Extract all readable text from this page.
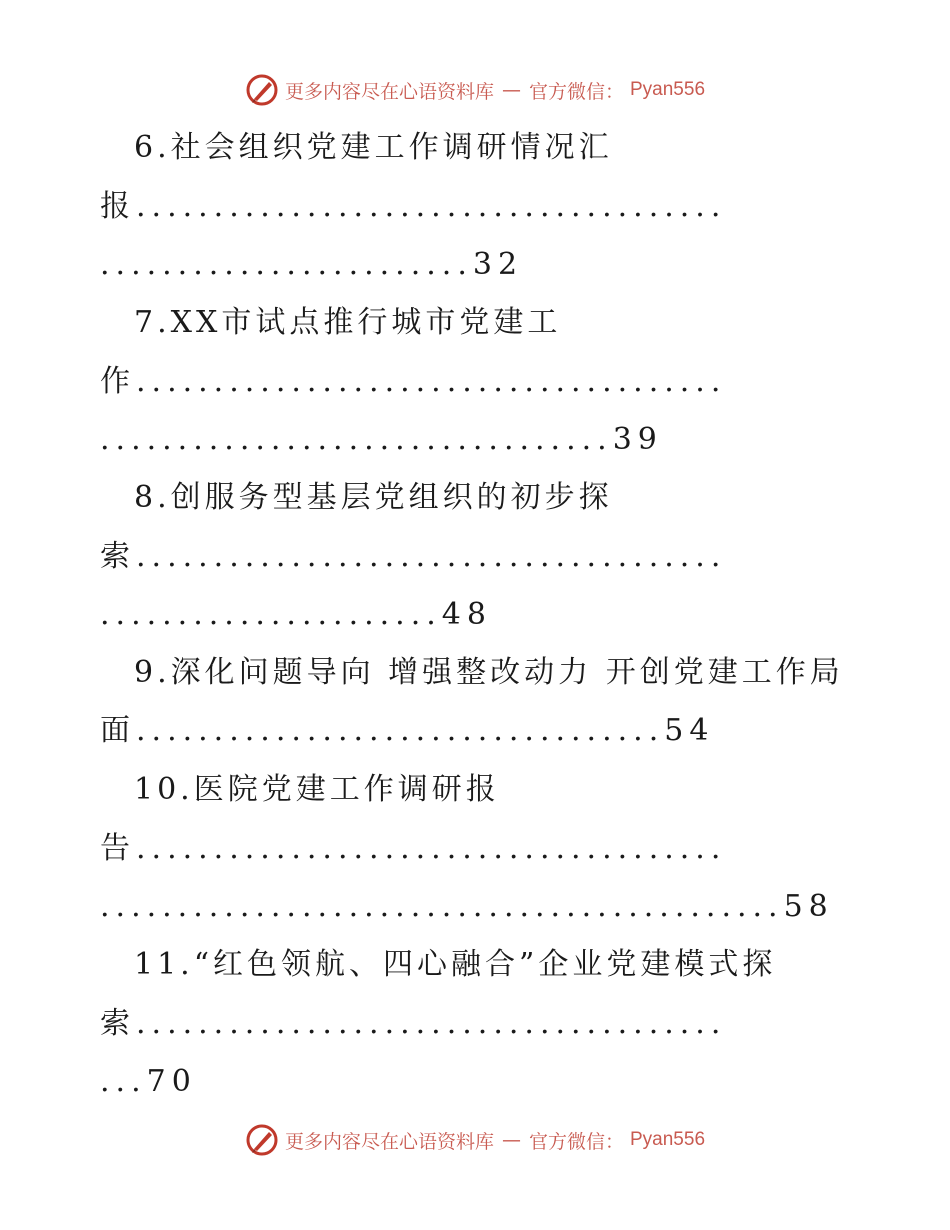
更多内容尽在心语资料库 — 官方微信： Pyan556
6.社会组织党建工作调研情况汇
报......................................
........................32
7.XX市试点推行城市党建工
作......................................
.................................39
8.创服务型基层党组织的初步探
索......................................
......................48
9.深化问题导向 增强整改动力 开创党建工作局
面..................................54
10.医院党建工作调研报
告......................................
............................................58
11.“红色领航、四心融合”企业党建模式探
索......................................
...70
更多内容尽在心语资料库 — 官方微信： Pyan556
